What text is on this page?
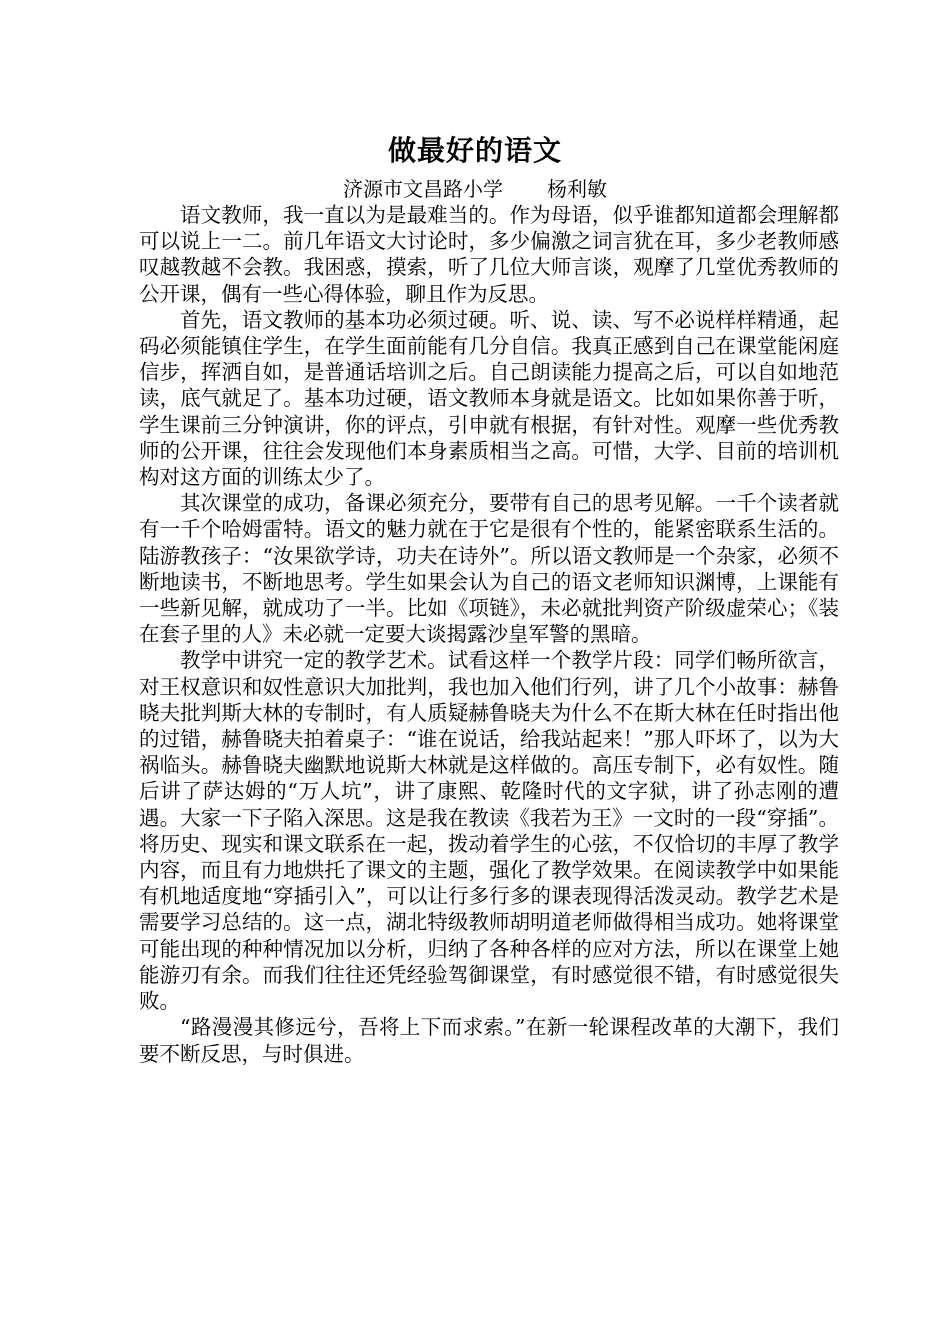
做最好的语文
济源市文昌路小学 杨利敏

语文教师，我一直以为是最难当的。作为母语，似乎谁都知道都会理解都可以说上一二。前几年语文大讨论时，多少偏激之词言犹在耳，多少老教师感叹越教越不会教。我困惑，摸索，听了几位大师言谈，观摩了几堂优秀教师的公开课，偶有一些心得体验，聊且作为反思。

首先，语文教师的基本功必须过硬。听、说、读、写不必说样样精通，起码必须能镇住学生，在学生面前能有几分自信。我真正感到自己在课堂能闲庭信步，挥洒自如，是普通话培训之后。自己朗读能力提高之后，可以自如地范读，底气就足了。基本功过硬，语文教师本身就是语文。比如如果你善于听，学生课前三分钟演讲，你的评点，引申就有根据，有针对性。观摩一些优秀教师的公开课，往往会发现他们本身素质相当之高。可惜，大学、目前的培训机构对这方面的训练太少了。

其次课堂的成功，备课必须充分，要带有自己的思考见解。一千个读者就有一千个哈姆雷特。语文的魅力就在于它是很有个性的，能紧密联系生活的。陆游教孩子：“汝果欲学诗，功夫在诗外”。所以语文教师是一个杂家，必须不断地读书，不断地思考。学生如果会认为自己的语文老师知识渊博，上课能有一些新见解，就成功了一半。比如《项链》，未必就批判资产阶级虚荣心；《装在套子里的人》未必就一定要大谈揭露沙皇军警的黑暗。

教学中讲究一定的教学艺术。试看这样一个教学片段：同学们畅所欲言，对王权意识和奴性意识大加批判，我也加入他们行列，讲了几个小故事：赫鲁晓夫批判斯大林的专制时，有人质疑赫鲁晓夫为什么不在斯大林在任时指出他的过错，赫鲁晓夫拍着桌子：“谁在说话，给我站起来！”那人吓坏了，以为大祸临头。赫鲁晓夫幽默地说斯大林就是这样做的。高压专制下，必有奴性。随后讲了萨达姆的“万人坑”，讲了康熙、乾隆时代的文字狱，讲了孙志刚的遭遇。大家一下子陷入深思。这是我在教读《我若为王》一文时的一段“穿插”。将历史、现实和课文联系在一起，拨动着学生的心弦，不仅恰切的丰厚了教学内容，而且有力地烘托了课文的主题，强化了教学效果。在阅读教学中如果能有机地适度地“穿插引入”，可以让行多行多的课表现得活泼灵动。教学艺术是需要学习总结的。这一点，湖北特级教师胡明道老师做得相当成功。她将课堂可能出现的种种情况加以分析，归纳了各种各样的应对方法，所以在课堂上她能游刃有余。而我们往往还凭经验驾御课堂，有时感觉很不错，有时感觉很失败。

“路漫漫其修远兮，吾将上下而求索。”在新一轮课程改革的大潮下，我们要不断反思，与时俱进。
